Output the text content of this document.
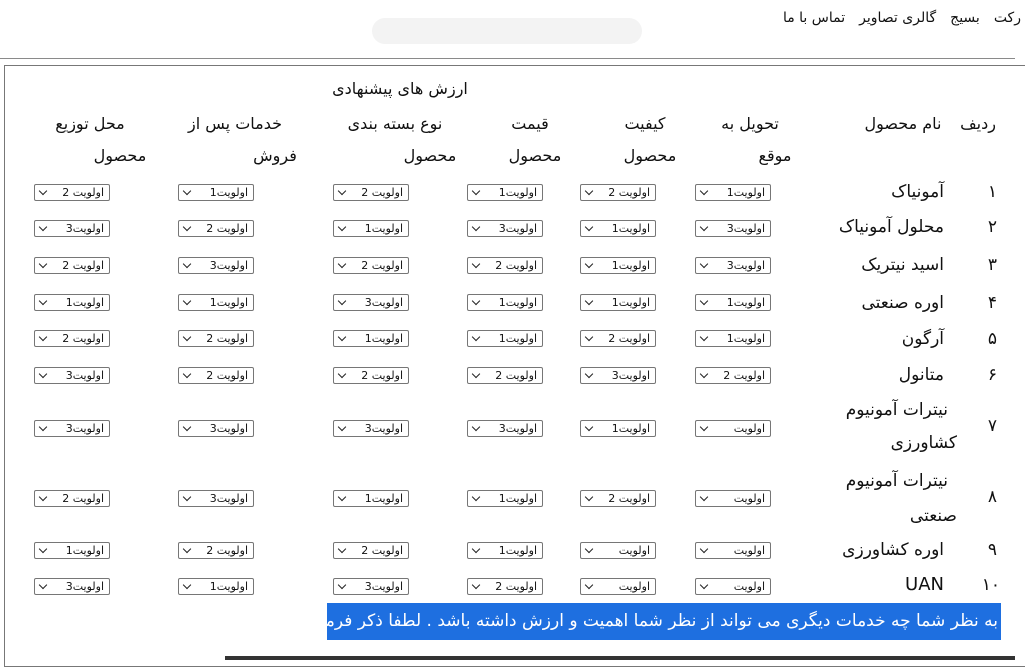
رکت
بسیج
گالری تصاویر
تماس با ما
ارزش های پیشنهادی
ردیف
نام محصول
تحویل به
موقع
کیفیت
محصول
قیمت
محصول
نوع بسته بندی
محصول
خدمات پس از
فروش
محل توزیع
محصول
۱
آمونیاک
۲
محلول آمونیاک
۳
اسید نیتریک
۴
اوره صنعتی
۵
آرگون
۶
متانول
۷
نیترات آمونیوم
کشاورزی
۸
نیترات آمونیوم
صنعتی
۹
اوره کشاورزی
۱۰
UAN
اولویت1
اولویت 2
اولویت1
اولویت 2
اولویت1
اولویت 2
اولویت3
اولویت1
اولویت3
اولویت1
اولویت 2
اولویت3
اولویت3
اولویت1
اولویت 2
اولویت 2
اولویت3
اولویت 2
اولویت1
اولویت1
اولویت1
اولویت3
اولویت1
اولویت1
اولویت1
اولویت 2
اولویت1
اولویت1
اولویت 2
اولویت 2
اولویت 2
اولویت3
اولویت 2
اولویت 2
اولویت 2
اولویت3
اولویت
اولویت1
اولویت3
اولویت3
اولویت3
اولویت3
اولویت
اولویت 2
اولویت1
اولویت1
اولویت3
اولویت 2
اولویت
اولویت
اولویت1
اولویت 2
اولویت 2
اولویت1
اولویت
اولویت
اولویت 2
اولویت3
اولویت1
اولویت3
به نظر شما چه خدمات دیگری می تواند از نظر شما اهمیت و ارزش داشته باشد . لطفا ذکر فرمایید.
